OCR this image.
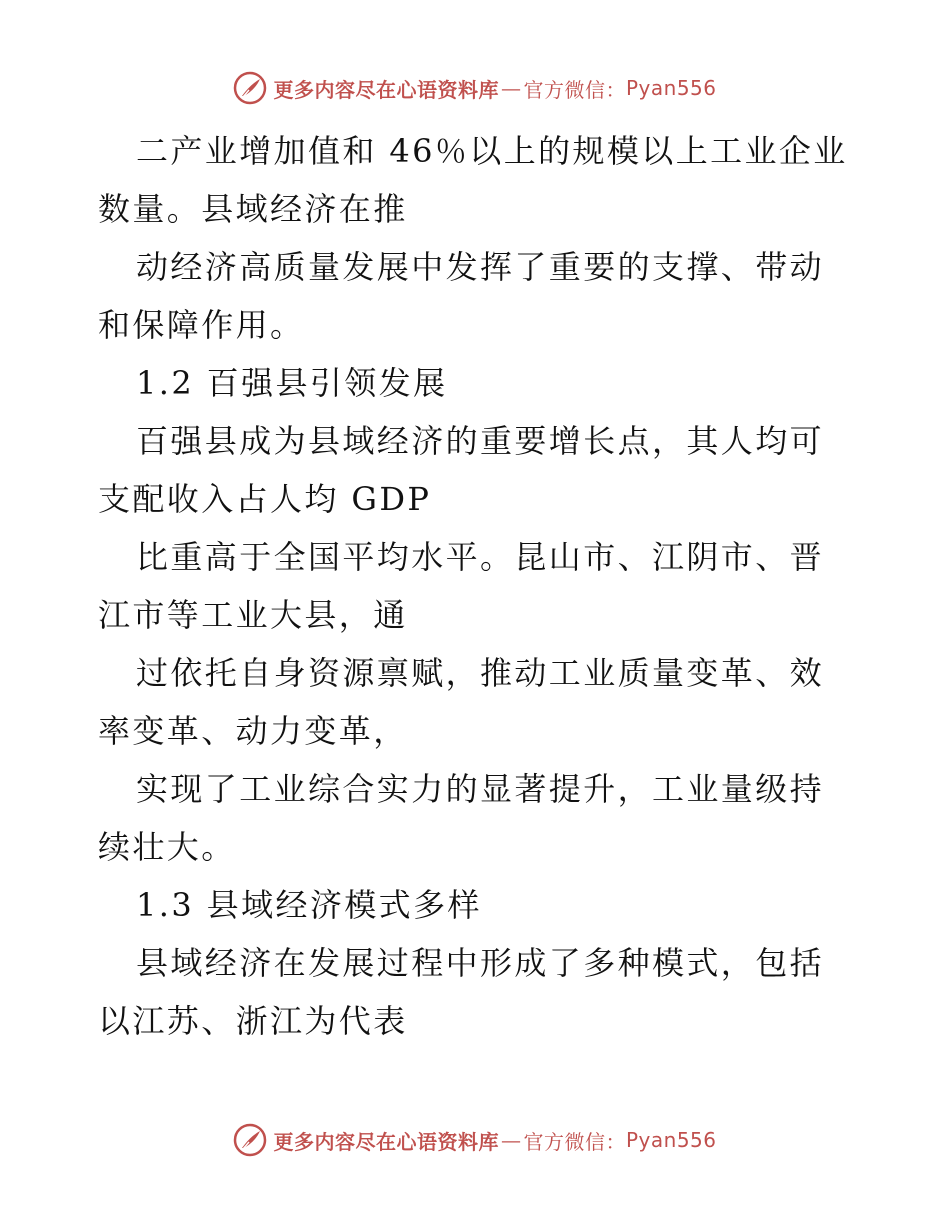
更多内容尽在心语资料库 — 官方微信： Pyan556

二产业增加值和 46％以上的规模以上工业企业数量。县域经济在推

动经济高质量发展中发挥了重要的支撑、带动和保障作用。

1.2 百强县引领发展

百强县成为县域经济的重要增长点，其人均可支配收入占人均 GDP

比重高于全国平均水平。昆山市、江阴市、晋江市等工业大县，通

过依托自身资源禀赋，推动工业质量变革、效率变革、动力变革，

实现了工业综合实力的显著提升，工业量级持续壮大。

1.3 县域经济模式多样

县域经济在发展过程中形成了多种模式，包括以江苏、浙江为代表

更多内容尽在心语资料库 — 官方微信： Pyan556
